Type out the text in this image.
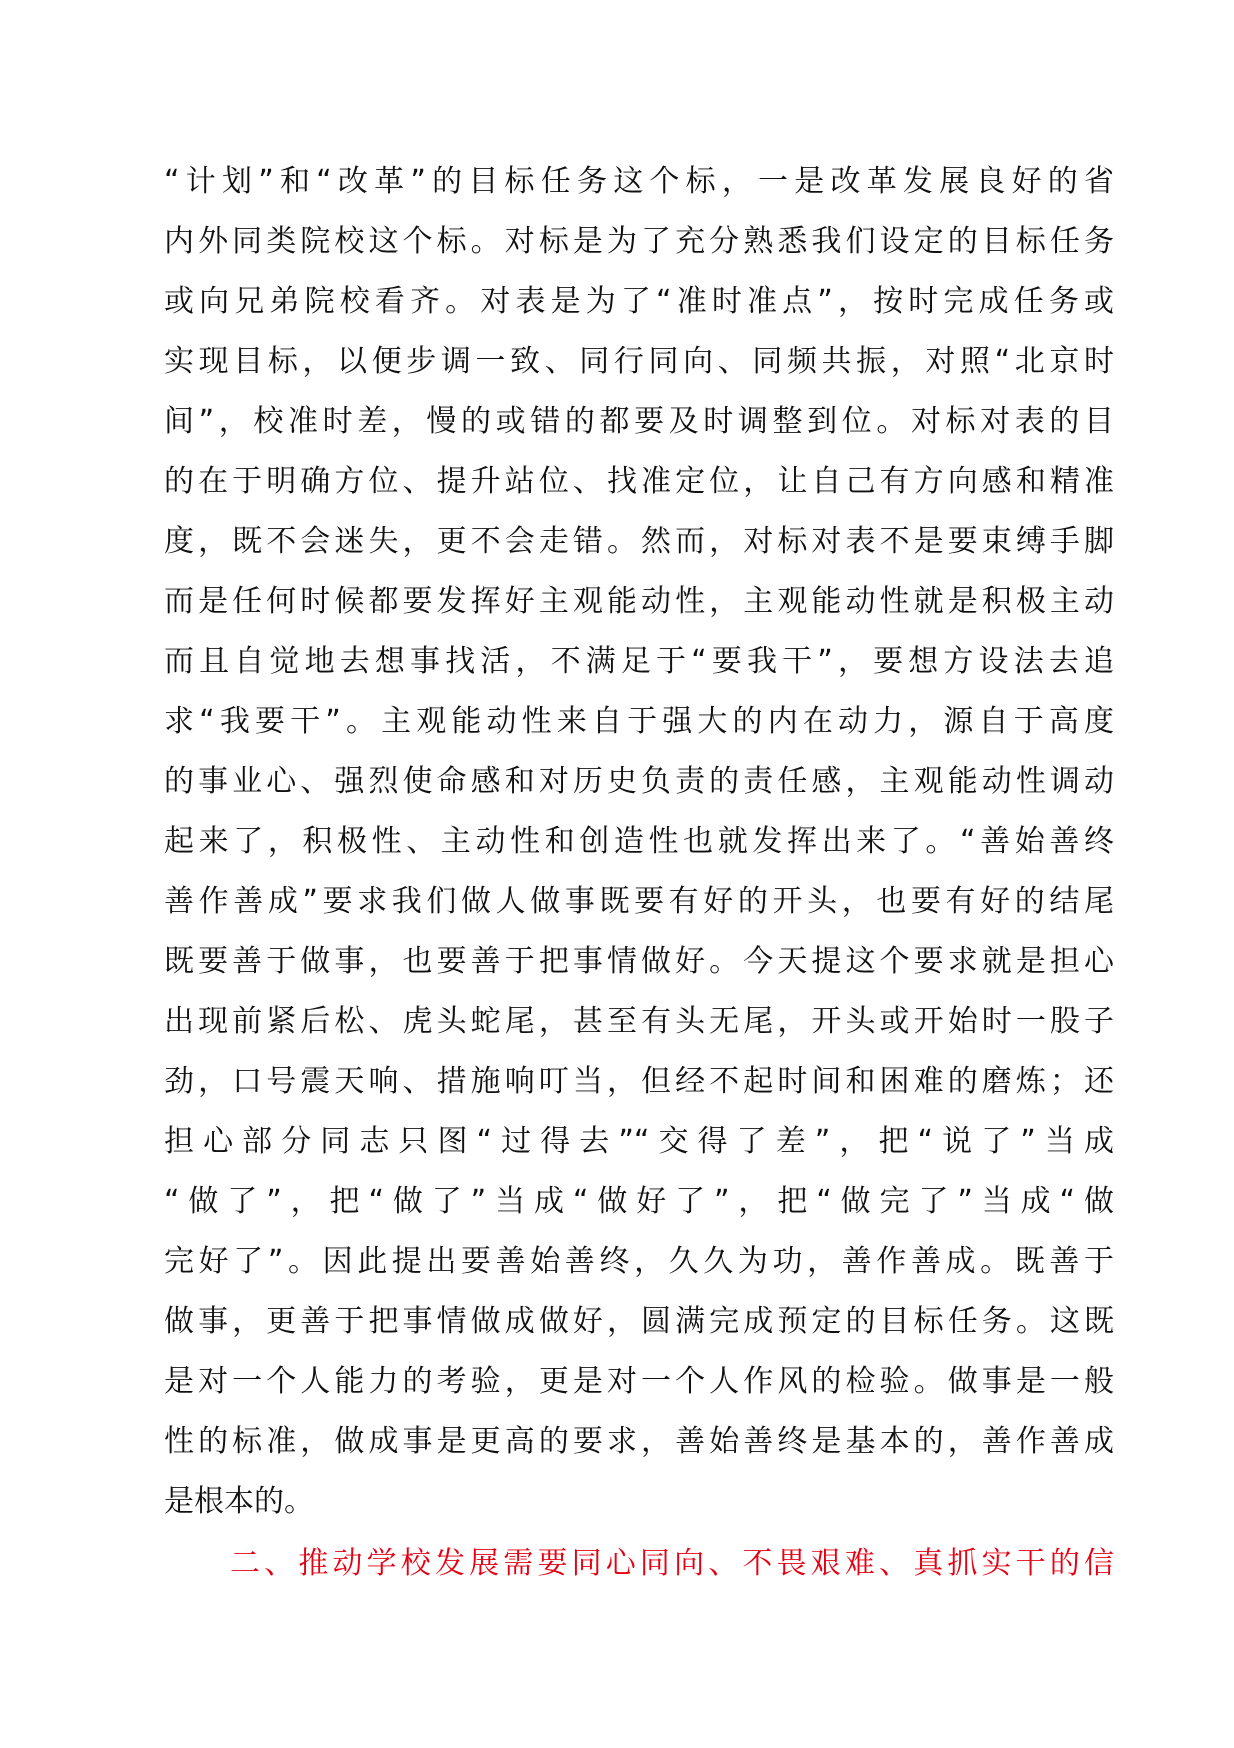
“计划”和“改革”的目标任务这个标，一是改革发展良好的省
内外同类院校这个标。对标是为了充分熟悉我们设定的目标任务
或向兄弟院校看齐。对表是为了“准时准点”，按时完成任务或
实现目标，以便步调一致、同行同向、同频共振，对照“北京时
间”，校准时差，慢的或错的都要及时调整到位。对标对表的目
的在于明确方位、提升站位、找准定位，让自己有方向感和精准
度，既不会迷失，更不会走错。然而，对标对表不是要束缚手脚
而是任何时候都要发挥好主观能动性，主观能动性就是积极主动
而且自觉地去想事找活，不满足于“要我干”，要想方设法去追
求“我要干”。主观能动性来自于强大的内在动力，源自于高度
的事业心、强烈使命感和对历史负责的责任感，主观能动性调动
起来了，积极性、主动性和创造性也就发挥出来了。“善始善终
善作善成”要求我们做人做事既要有好的开头，也要有好的结尾
既要善于做事，也要善于把事情做好。今天提这个要求就是担心
出现前紧后松、虎头蛇尾，甚至有头无尾，开头或开始时一股子
劲，口号震天响、措施响叮当，但经不起时间和困难的磨炼；还
担心部分同志只图“过得去”“交得了差”，把“说了”当成
“做了”，把“做了”当成“做好了”，把“做完了”当成“做
完好了”。因此提出要善始善终，久久为功，善作善成。既善于
做事，更善于把事情做成做好，圆满完成预定的目标任务。这既
是对一个人能力的考验，更是对一个人作风的检验。做事是一般
性的标准，做成事是更高的要求，善始善终是基本的，善作善成
是根本的。
二、推动学校发展需要同心同向、不畏艰难、真抓实干的信
